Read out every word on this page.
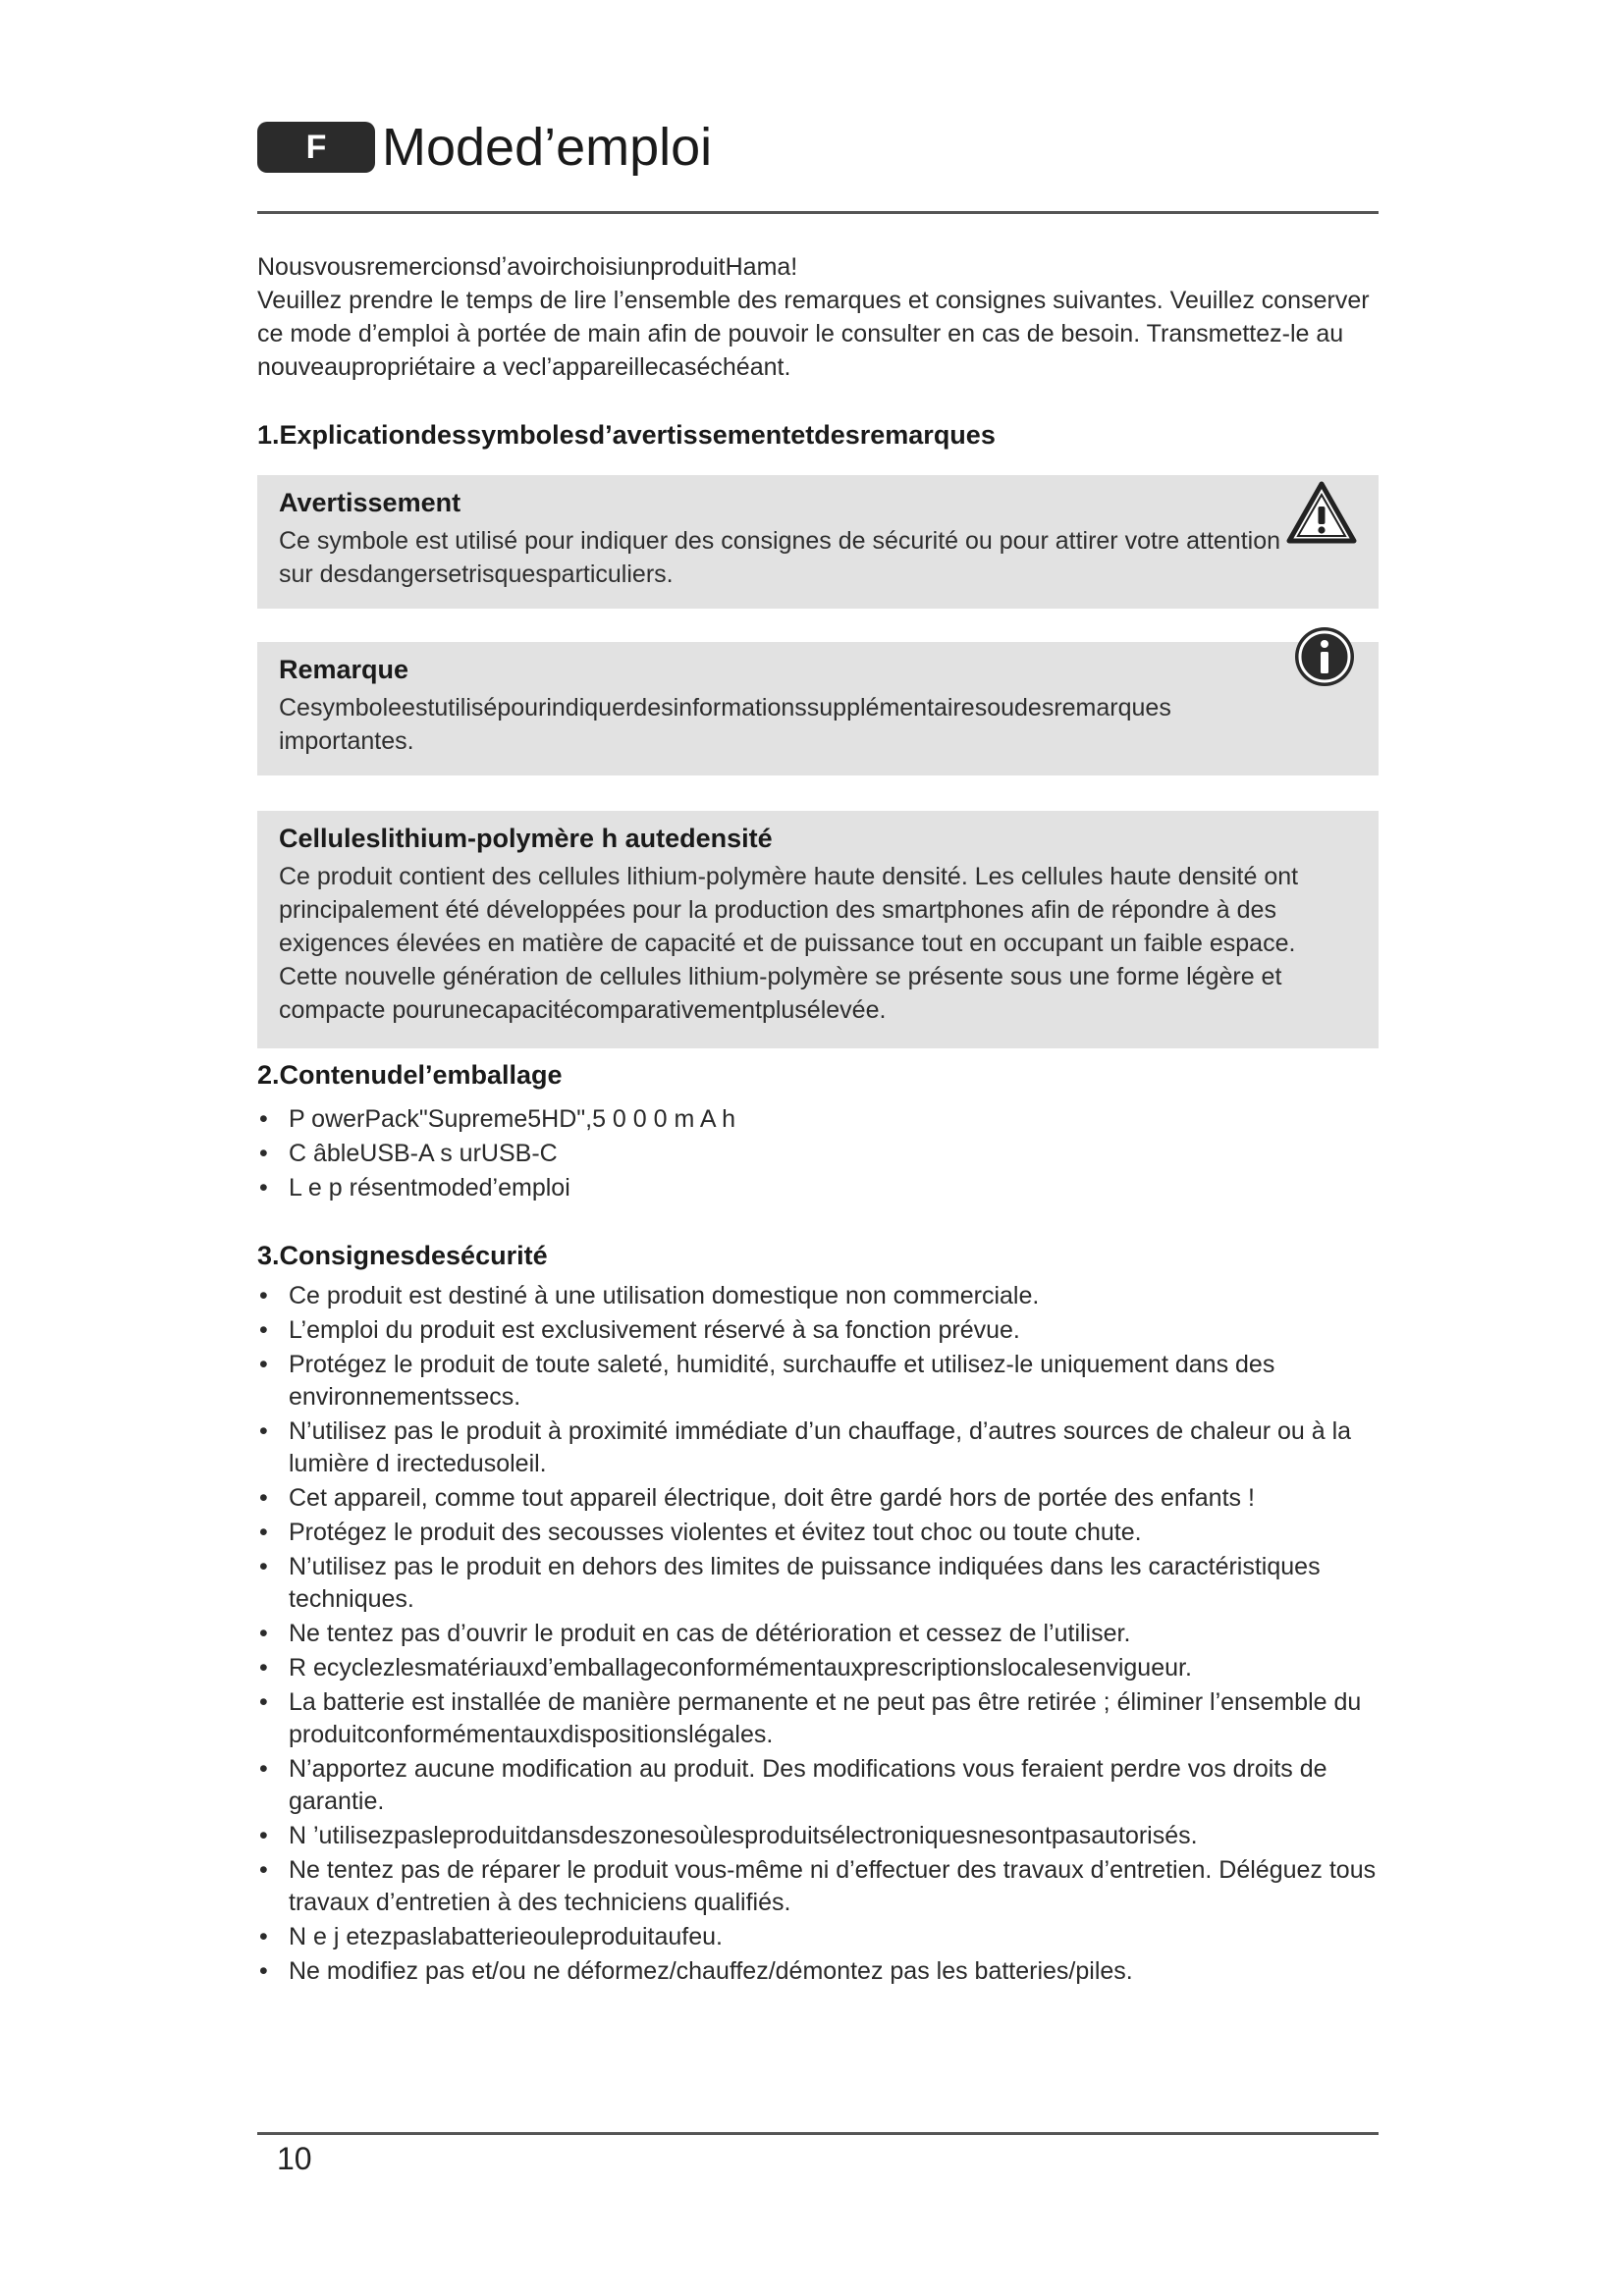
F	Moded’emploi

NousvousremercionsdʼavoirchoisiunproduitHama!

Veuillez prendre le temps de lire l’ensemble des remarques et consignes suivantes. Veuillez conserver ce mode d’emploi à portée de main afin de pouvoir le consulter en cas de besoin. Transmettez-le au nouveaupropriétaire a vecl’appareillecaséchéant.

1.Explicationdessymbolesd’avertissementetdesremarques
Avertissement
Ce symbole est utilisé pour indiquer des consignes de sécurité ou pour attirer votre attention sur desdangersetrisquesparticuliers.
Remarque
Cesymboleestutilisépourindiquerdesinformationssupplémentairesoudesremarques importantes.
Celluleslithium-polymère h autedensité
Ce produit contient des cellules lithium-polymère haute densité. Les cellules haute densité ont principalement été développées pour la production des smartphones afin de répondre à des exigences élevées en matière de capacité et de puissance tout en occupant un faible espace. Cette nouvelle génération de cellules lithium-polymère se présente sous une forme légère et compacte pourunecapacitécomparativementplusélevée.
2.Contenudel’emballage
• P owerPack"Supreme5HD",5 0 0 0 m A h
• C âbleUSB-A s urUSB-C
• L e p résentmoded’emploi
3.Consignesdesécurité
• Ce produit est destiné à une utilisation domestique non commerciale.
• L’emploi du produit est exclusivement réservé à sa fonction prévue.
• Protégez le produit de toute saleté, humidité, surchauffe et utilisez-le uniquement dans des environnementssecs.
• N’utilisez pas le produit à proximité immédiate d’un chauffage, d’autres sources de chaleur ou à la lumière d irectedusoleil.
• Cet appareil, comme tout appareil électrique, doit être gardé hors de portée des enfants !
• Protégez le produit des secousses violentes et évitez tout choc ou toute chute.
• N’utilisez pas le produit en dehors des limites de puissance indiquées dans les caractéristiques techniques.
• Ne tentez pas d’ouvrir le produit en cas de détérioration et cessez de l’utiliser.
• R ecyclezlesmatériauxd’emballageconformémentauxprescriptionslocalesenvigueur.
• La batterie est installée de manière permanente et ne peut pas être retirée ; éliminer l’ensemble du produitconformémentauxdispositionslégales.
• N’apportez aucune modification au produit. Des modifications vous feraient perdre vos droits de garantie.
• N ’utilisezpasleproduitdansdeszonesoùlesproduitsélectroniquesnesontpasautorisés.
• Ne tentez pas de réparer le produit vous-même ni d’effectuer des travaux d’entretien. Déléguez tous travaux d’entretien à des techniciens qualifiés.
• N e j etezpaslabatterieouleproduitaufeu.
• Ne modifiez pas et/ou ne déformez/chauffez/démontez pas les batteries/piles.
10
